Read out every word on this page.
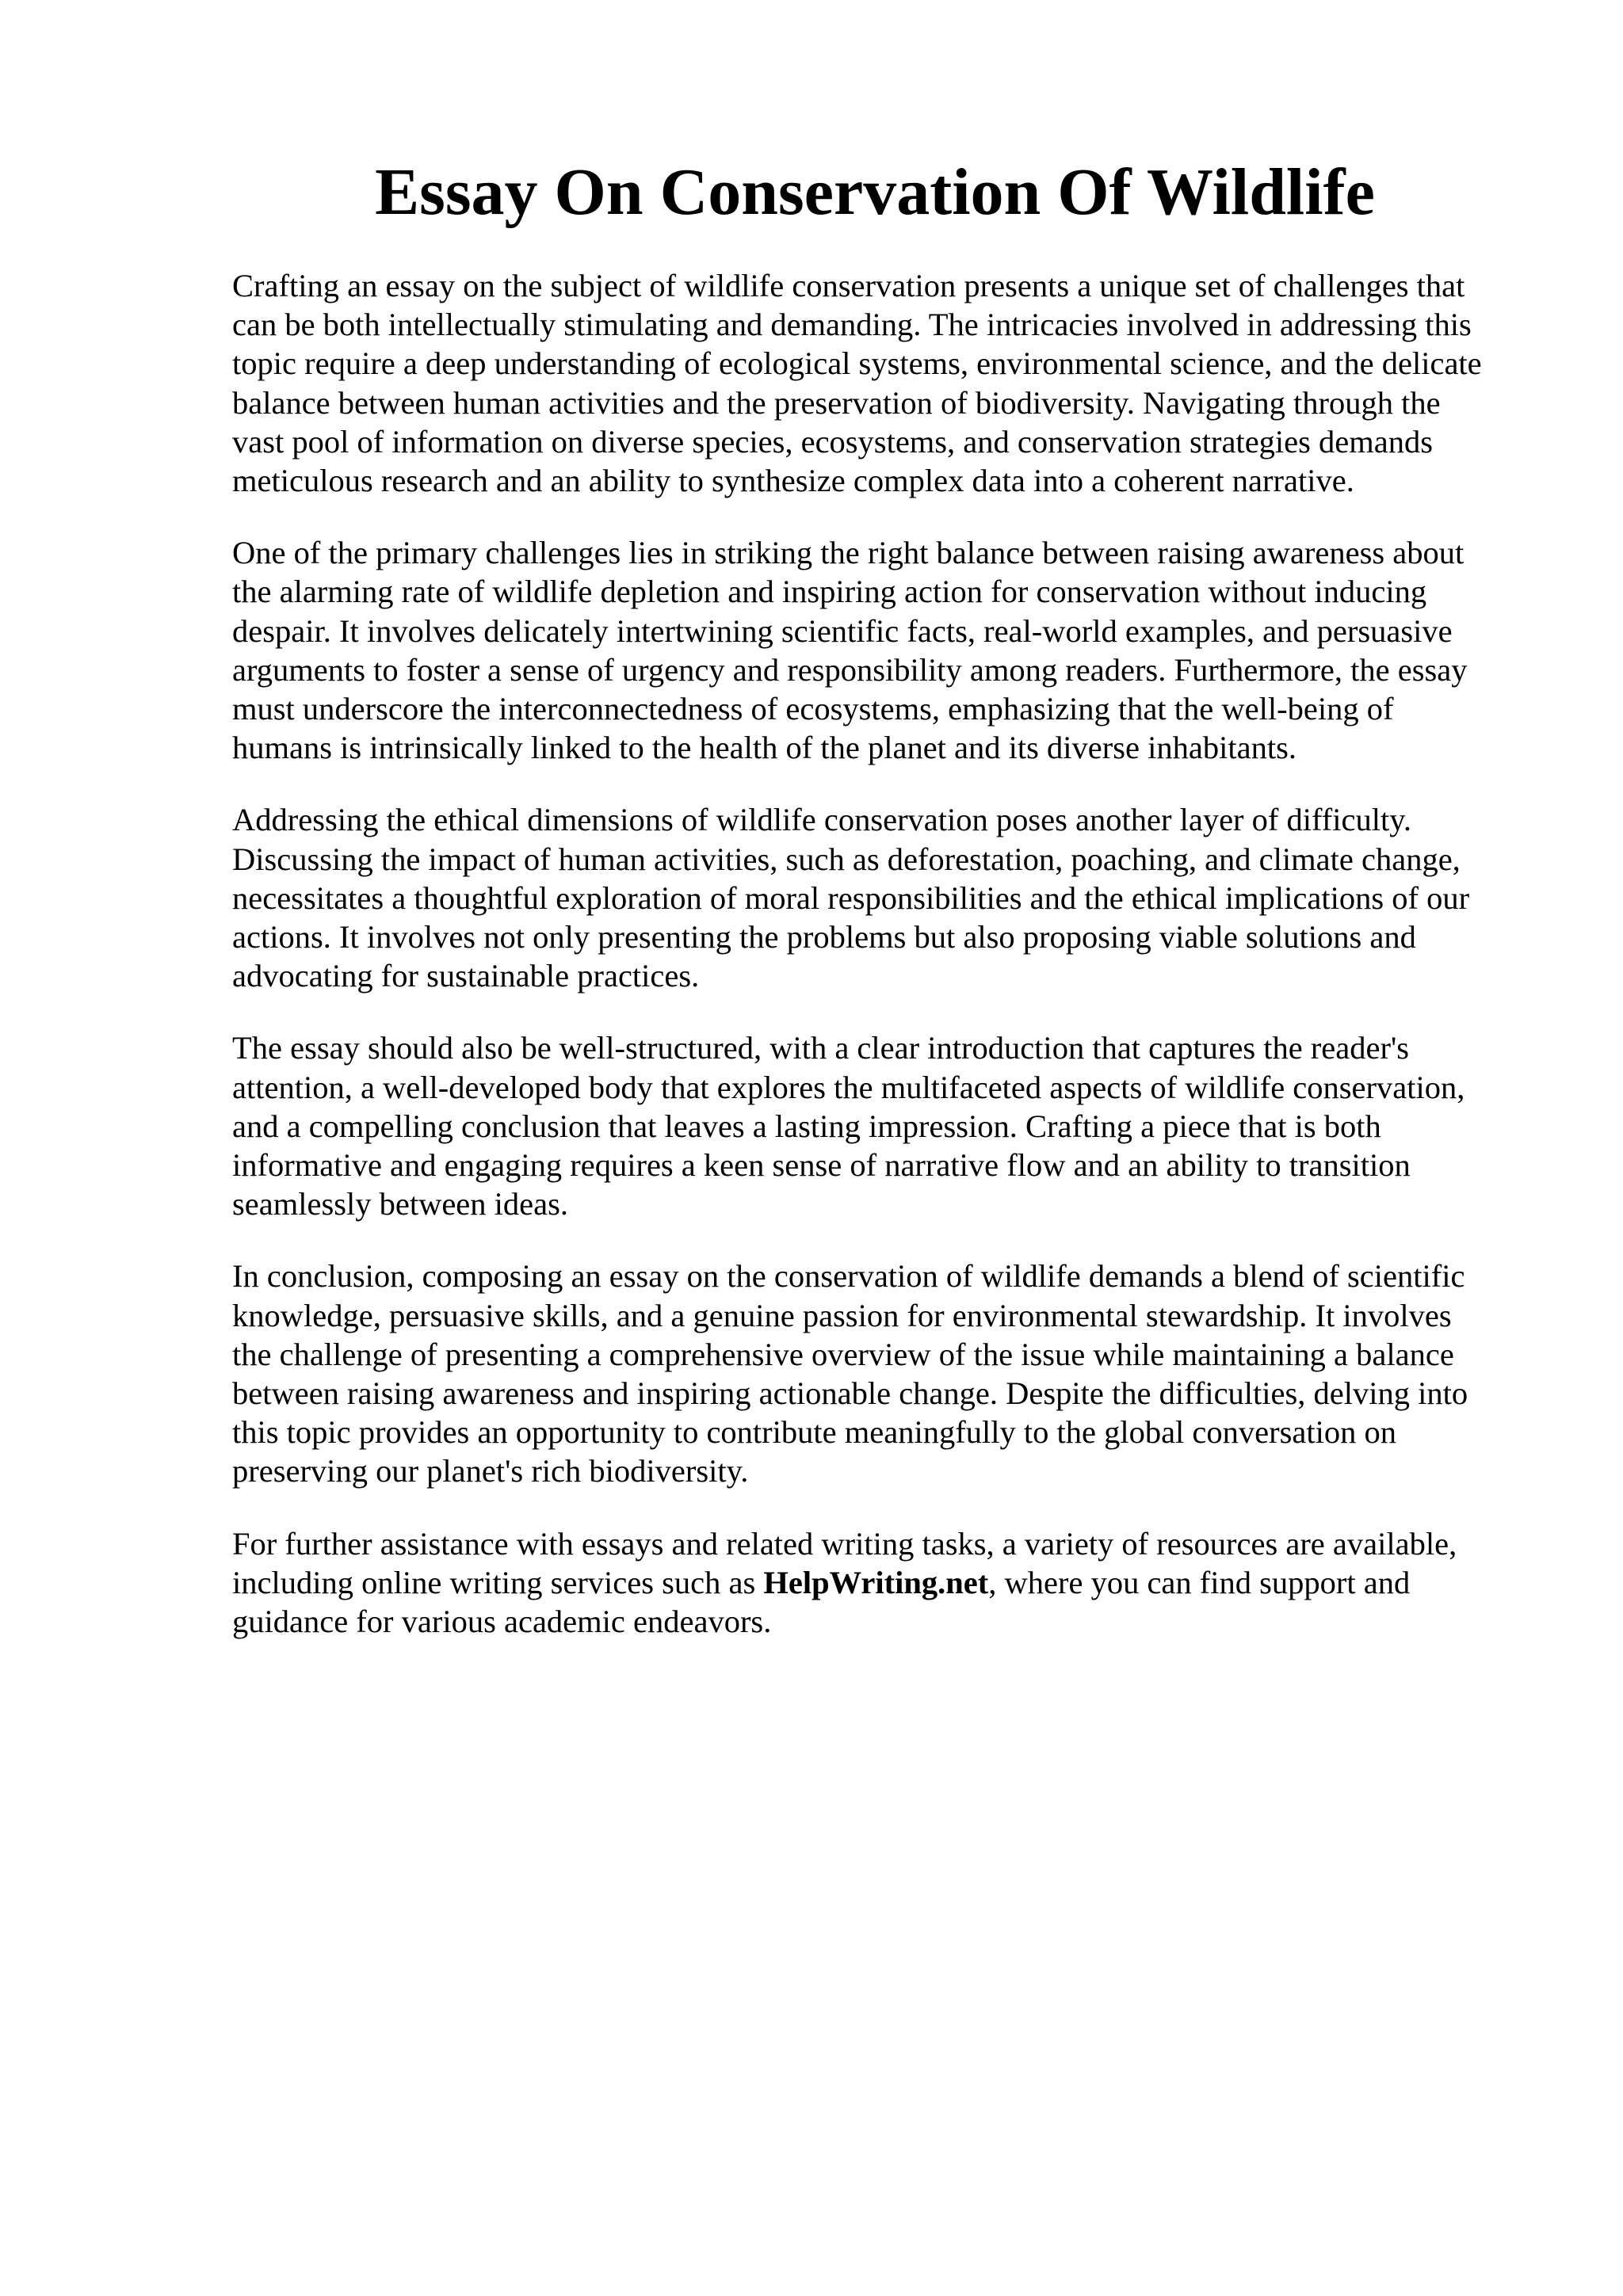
Essay On Conservation Of Wildlife

Crafting an essay on the subject of wildlife conservation presents a unique set of challenges that
can be both intellectually stimulating and demanding. The intricacies involved in addressing this
topic require a deep understanding of ecological systems, environmental science, and the delicate
balance between human activities and the preservation of biodiversity. Navigating through the
vast pool of information on diverse species, ecosystems, and conservation strategies demands
meticulous research and an ability to synthesize complex data into a coherent narrative.

One of the primary challenges lies in striking the right balance between raising awareness about
the alarming rate of wildlife depletion and inspiring action for conservation without inducing
despair. It involves delicately intertwining scientific facts, real-world examples, and persuasive
arguments to foster a sense of urgency and responsibility among readers. Furthermore, the essay
must underscore the interconnectedness of ecosystems, emphasizing that the well-being of
humans is intrinsically linked to the health of the planet and its diverse inhabitants.

Addressing the ethical dimensions of wildlife conservation poses another layer of difficulty.
Discussing the impact of human activities, such as deforestation, poaching, and climate change,
necessitates a thoughtful exploration of moral responsibilities and the ethical implications of our
actions. It involves not only presenting the problems but also proposing viable solutions and
advocating for sustainable practices.

The essay should also be well-structured, with a clear introduction that captures the reader's
attention, a well-developed body that explores the multifaceted aspects of wildlife conservation,
and a compelling conclusion that leaves a lasting impression. Crafting a piece that is both
informative and engaging requires a keen sense of narrative flow and an ability to transition
seamlessly between ideas.

In conclusion, composing an essay on the conservation of wildlife demands a blend of scientific
knowledge, persuasive skills, and a genuine passion for environmental stewardship. It involves
the challenge of presenting a comprehensive overview of the issue while maintaining a balance
between raising awareness and inspiring actionable change. Despite the difficulties, delving into
this topic provides an opportunity to contribute meaningfully to the global conversation on
preserving our planet's rich biodiversity.

For further assistance with essays and related writing tasks, a variety of resources are available,
including online writing services such as HelpWriting.net, where you can find support and
guidance for various academic endeavors.
